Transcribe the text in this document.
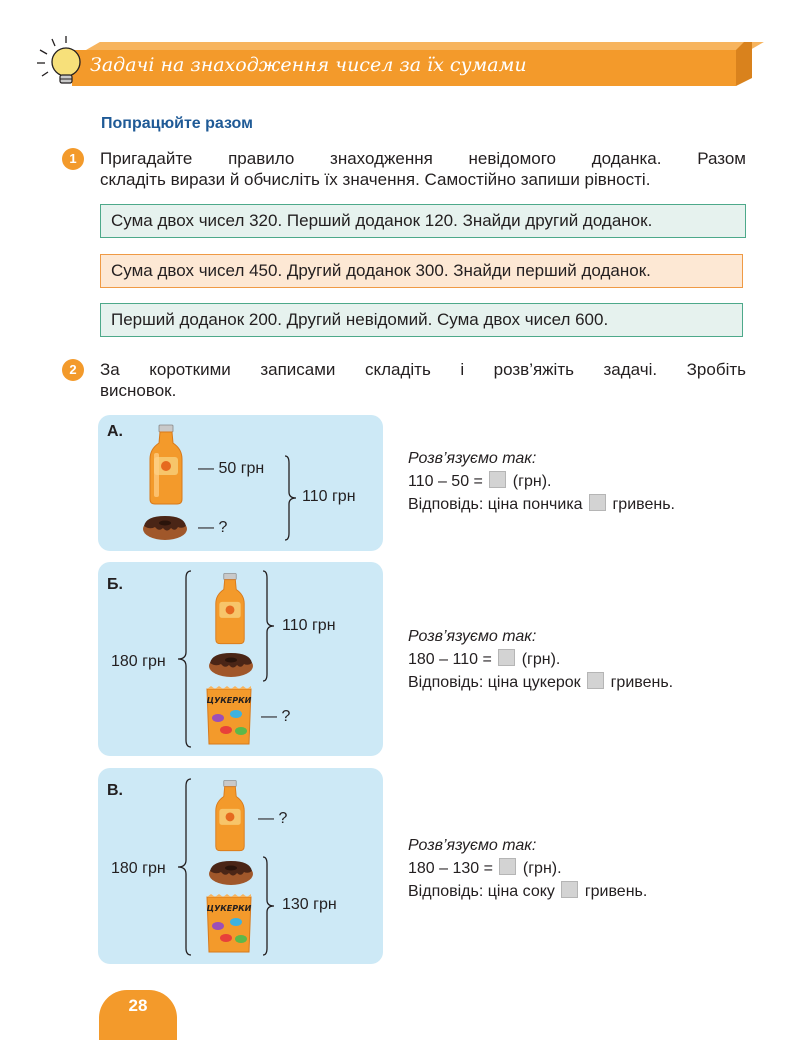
Задачі на знаходження чисел за їх сумами
Попрацюйте разом
1	Пригадайте правило знаходження невідомого доданка. Разом
складіть вирази й обчисліть їх значення. Самостійно запиши рівності.
Сума двох чисел 320. Перший доданок 120. Знайди другий доданок.
Сума двох чисел 450. Другий доданок 300. Знайди перший доданок.
Перший доданок 200. Другий невідомий. Сума двох чисел 600.
2	За короткими записами складіть і розв’яжіть задачі. Зробіть
висновок.
А.
— 50 грн
— ?
110 грн
Розв’язуємо так:
110 – 50 = (грн).
Відповідь: ціна пончика гривень.
Б.
180 грн
ЦУКЕРКИ
110 грн
— ?
Розв’язуємо так:
180 – 110 = (грн).
Відповідь: ціна цукерок гривень.
В.
180 грн
— ?
ЦУКЕРКИ 130 грн
Розв’язуємо так:
180 – 130 = (грн).
Відповідь: ціна соку гривень.
28
